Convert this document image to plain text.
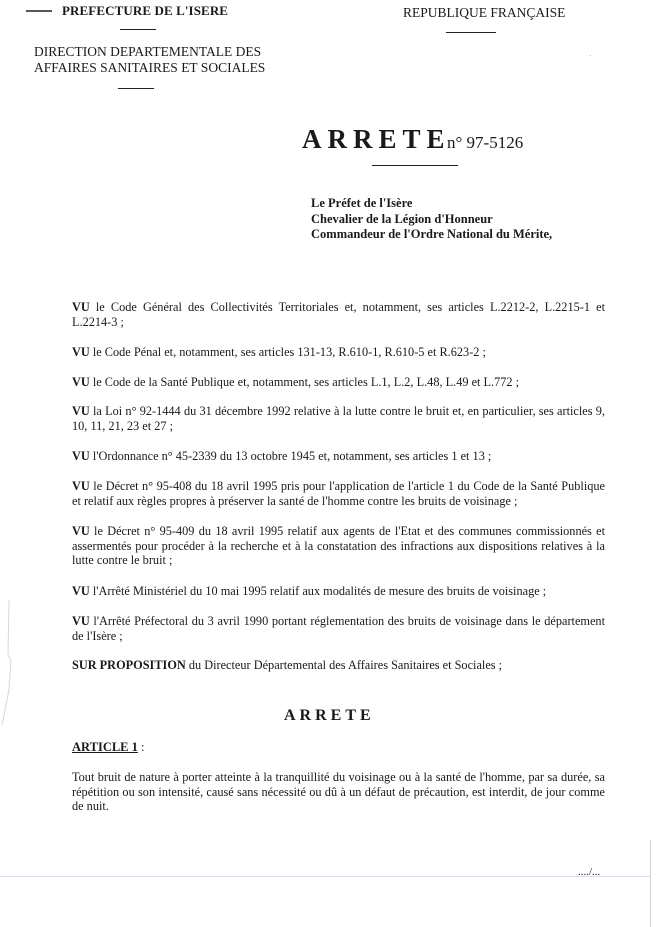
PREFECTURE DE L'ISERE
DIRECTION DEPARTEMENTALE DES
AFFAIRES SANITAIRES ET SOCIALES
REPUBLIQUE FRANÇAISE
`
ARRETE
n° 97-5126
Le Préfet de l'Isère
Chevalier de la Légion d'Honneur
Commandeur de l'Ordre National du Mérite,
VU le Code Général des Collectivités Territoriales et, notamment, ses articles L.2212-2, L.2215-1 et L.2214-3 ;
VU le Code Pénal et, notamment, ses articles 131-13, R.610-1, R.610-5 et R.623-2 ;
VU le Code de la Santé Publique et, notamment, ses articles L.1, L.2, L.48, L.49 et L.772 ;
VU la Loi n° 92-1444 du 31 décembre 1992 relative à la lutte contre le bruit et, en particulier, ses articles 9, 10, 11, 21, 23 et 27 ;
VU l'Ordonnance n° 45-2339 du 13 octobre 1945 et, notamment, ses articles 1 et 13 ;
VU le Décret n° 95-408 du 18 avril 1995 pris pour l'application de l'article 1 du Code de la Santé Publique et relatif aux règles propres à préserver la santé de l'homme contre les bruits de voisinage ;
VU le Décret n° 95-409 du 18 avril 1995 relatif aux agents de l'Etat et des communes commissionnés et assermentés pour procéder à la recherche et à la constatation des infractions aux dispositions relatives à la lutte contre le bruit ;
VU l'Arrêté Ministériel du 10 mai 1995 relatif aux modalités de mesure des bruits de voisinage ;
VU l'Arrêté Préfectoral du 3 avril 1990 portant réglementation des bruits de voisinage dans le département de l'Isère ;
SUR PROPOSITION du Directeur Départemental des Affaires Sanitaires et Sociales ;
ARRETE
ARTICLE 1 :
Tout bruit de nature à porter atteinte à la tranquillité du voisinage ou à la santé de l'homme, par sa durée, sa répétition ou son intensité, causé sans nécessité ou dû à un défaut de précaution, est interdit, de jour comme de nuit.
..../...
